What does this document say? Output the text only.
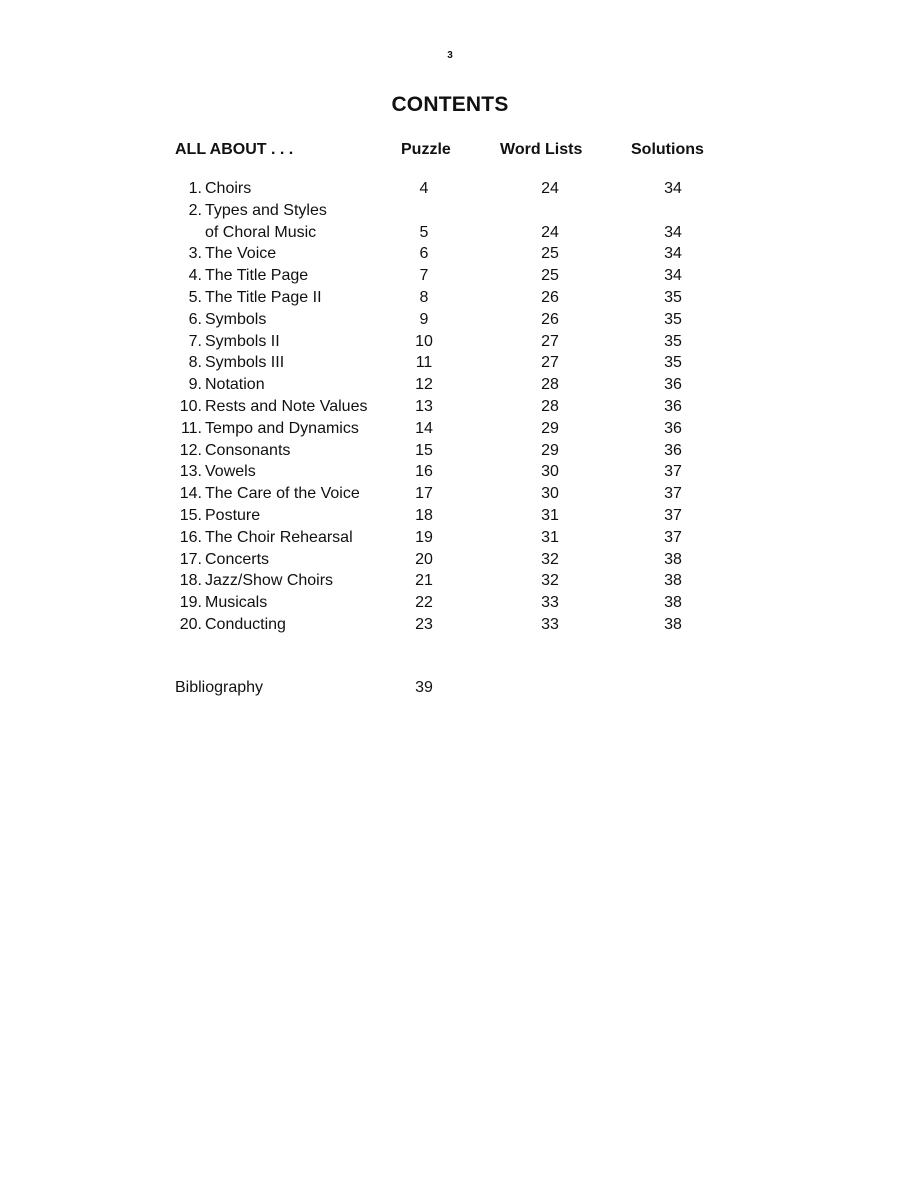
3
CONTENTS
ALL ABOUT . . .	Puzzle	Word Lists	Solutions
1. Choirs	4	24	34
2. Types and Styles
of Choral Music	5	24	34
3. The Voice	6	25	34
4. The Title Page	7	25	34
5. The Title Page II	8	26	35
6. Symbols	9	26	35
7. Symbols II	10	27	35
8. Symbols III	11	27	35
9. Notation	12	28	36
10. Rests and Note Values	13	28	36
11. Tempo and Dynamics	14	29	36
12. Consonants	15	29	36
13. Vowels	16	30	37
14. The Care of the Voice	17	30	37
15. Posture	18	31	37
16. The Choir Rehearsal	19	31	37
17. Concerts	20	32	38
18. Jazz/Show Choirs	21	32	38
19. Musicals	22	33	38
20. Conducting	23	33	38
Bibliography	39
